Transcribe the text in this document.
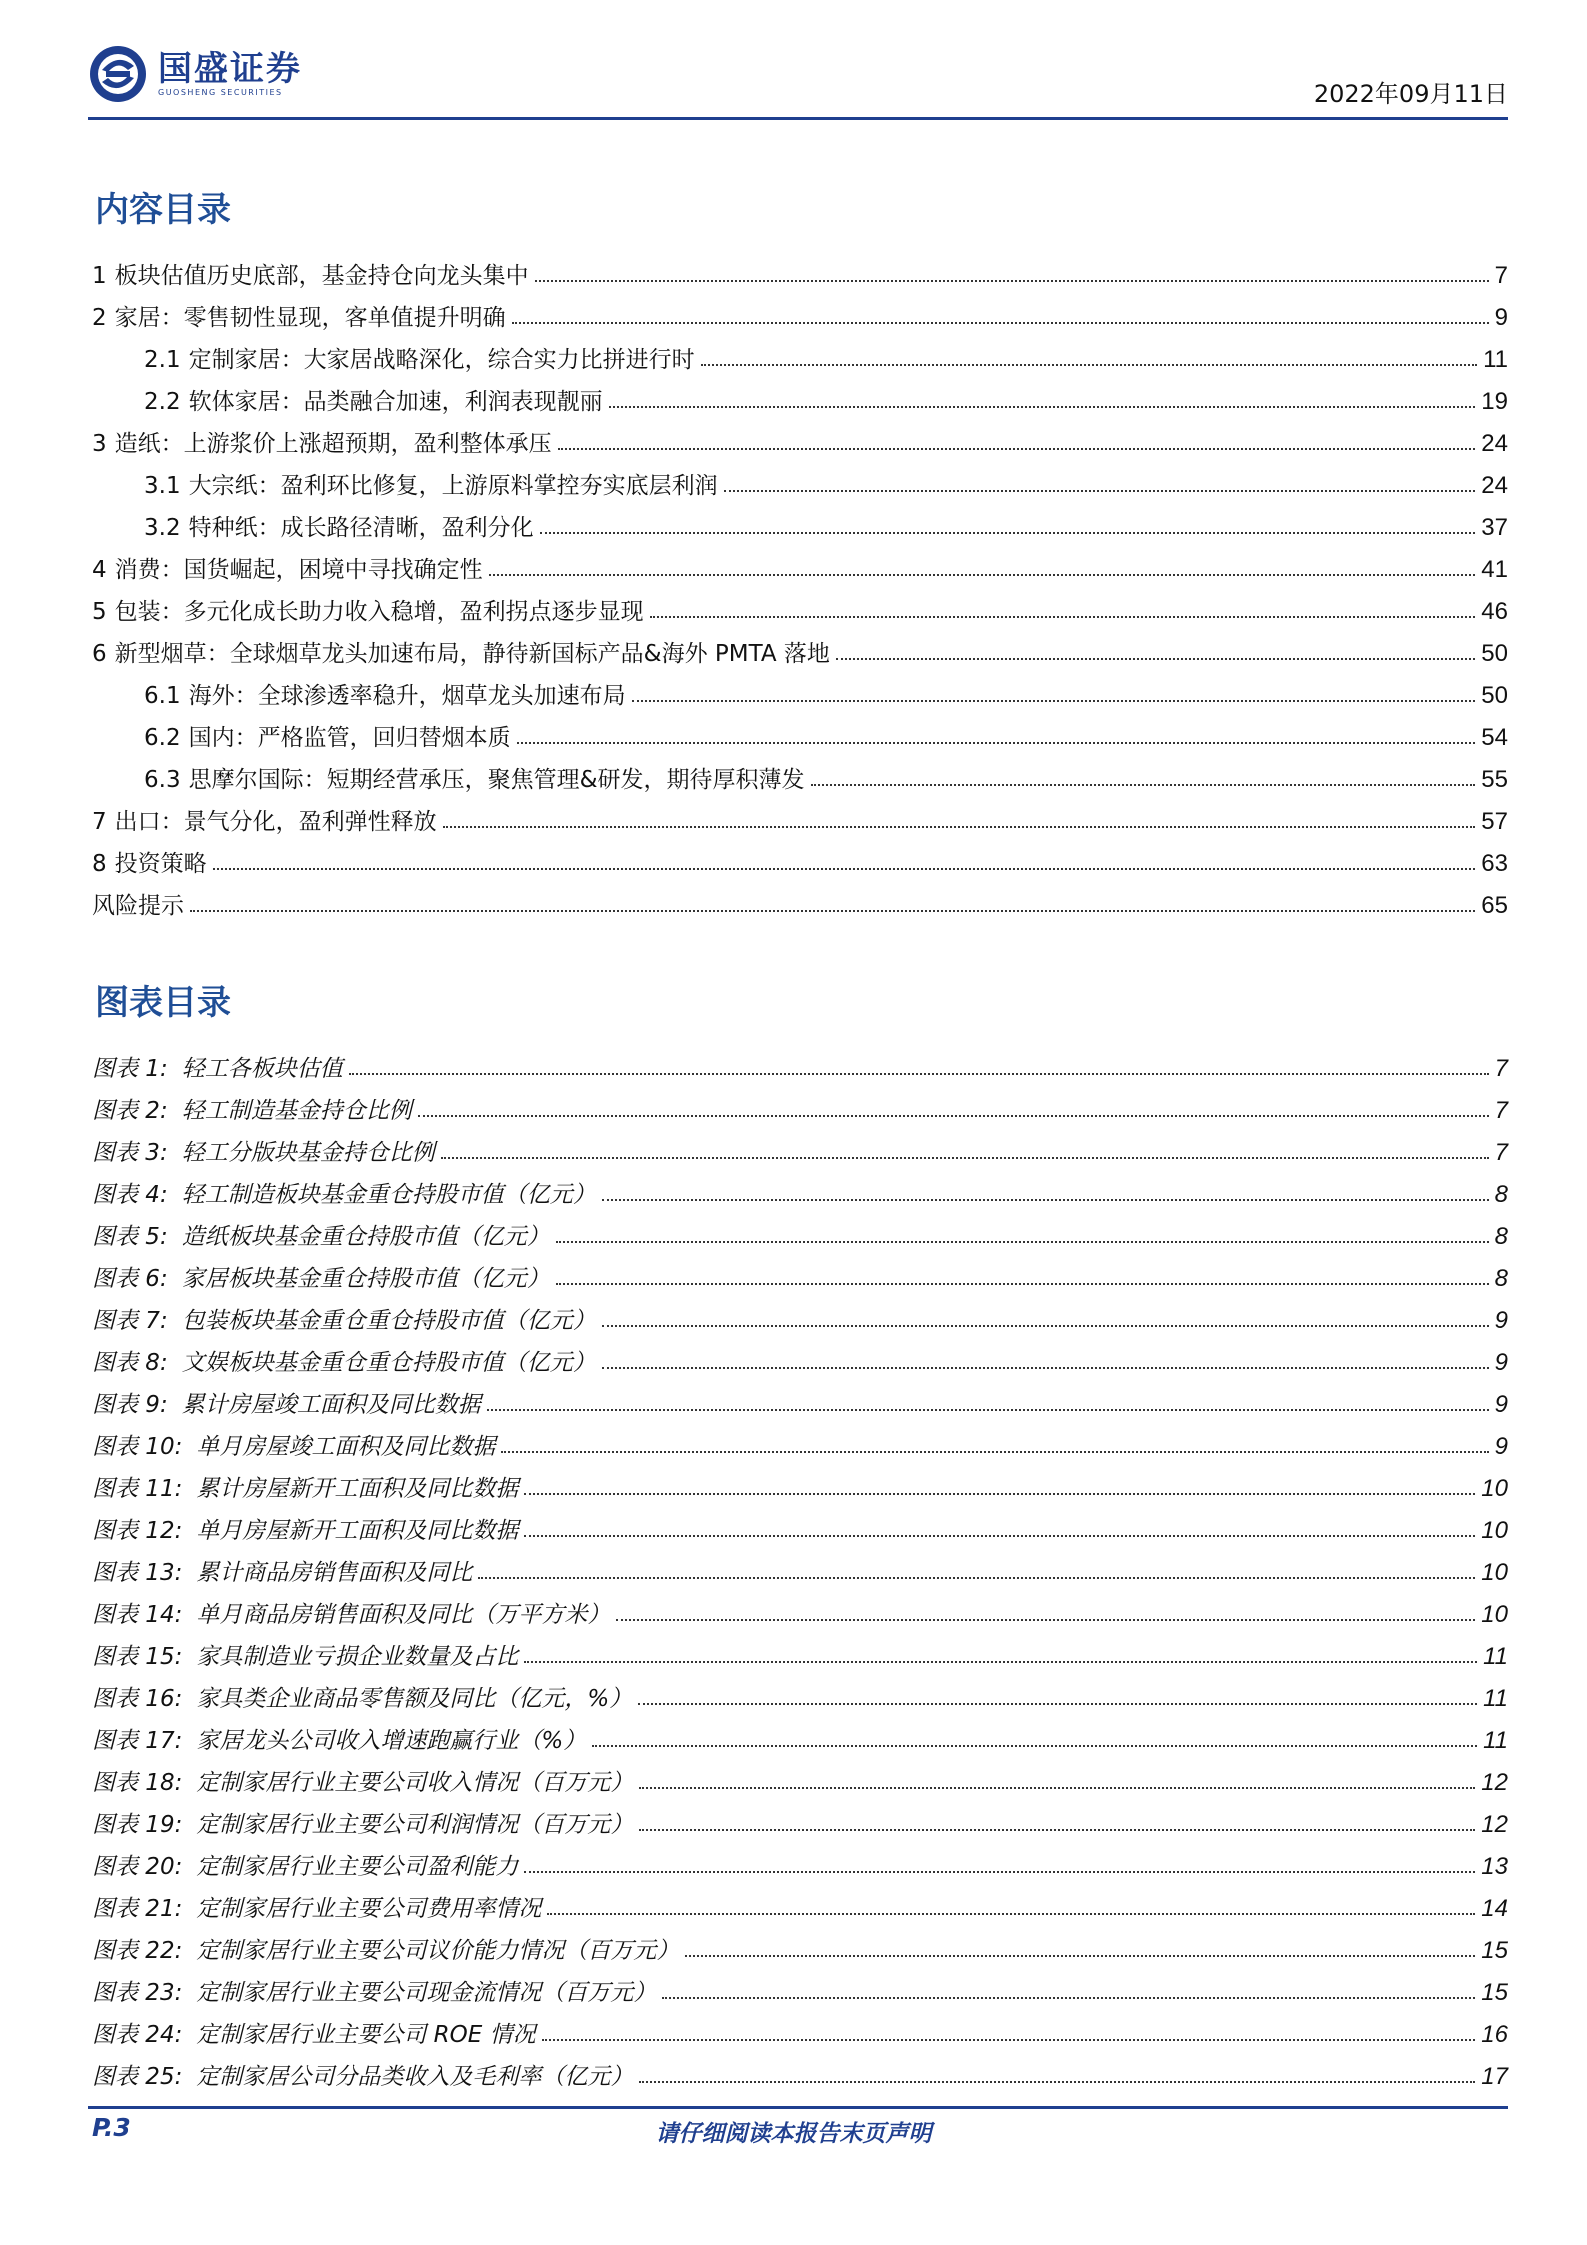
国盛证券
GUOSHENG SECURITIES	2022年09月11日
内容目录
1 板块估值历史底部，基金持仓向龙头集中	7
2 家居：零售韧性显现，客单值提升明确	9
2.1 定制家居：大家居战略深化，综合实力比拼进行时	11
2.2 软体家居：品类融合加速，利润表现靓丽	19
3 造纸：上游浆价上涨超预期，盈利整体承压	24
3.1 大宗纸：盈利环比修复，上游原料掌控夯实底层利润	24
3.2 特种纸：成长路径清晰，盈利分化	37
4 消费：国货崛起，困境中寻找确定性	41
5 包装：多元化成长助力收入稳增，盈利拐点逐步显现	46
6 新型烟草：全球烟草龙头加速布局，静待新国标产品&海外 PMTA 落地	50
6.1 海外：全球渗透率稳升，烟草龙头加速布局	50
6.2 国内：严格监管，回归替烟本质	54
6.3 思摩尔国际：短期经营承压，聚焦管理&研发，期待厚积薄发	55
7 出口：景气分化，盈利弹性释放	57
8 投资策略	63
风险提示	65
图表目录
图表 1: 轻工各板块估值	7
图表 2: 轻工制造基金持仓比例	7
图表 3: 轻工分版块基金持仓比例	7
图表 4: 轻工制造板块基金重仓持股市值（亿元）	8
图表 5: 造纸板块基金重仓持股市值（亿元）	8
图表 6: 家居板块基金重仓持股市值（亿元）	8
图表 7: 包装板块基金重仓重仓持股市值（亿元）	9
图表 8: 文娱板块基金重仓重仓持股市值（亿元）	9
图表 9: 累计房屋竣工面积及同比数据	9
图表 10: 单月房屋竣工面积及同比数据	9
图表 11: 累计房屋新开工面积及同比数据	10
图表 12: 单月房屋新开工面积及同比数据	10
图表 13: 累计商品房销售面积及同比	10
图表 14: 单月商品房销售面积及同比（万平方米）	10
图表 15: 家具制造业亏损企业数量及占比	11
图表 16: 家具类企业商品零售额及同比（亿元，%）	11
图表 17: 家居龙头公司收入增速跑赢行业（%）	11
图表 18: 定制家居行业主要公司收入情况（百万元）	12
图表 19: 定制家居行业主要公司利润情况（百万元）	12
图表 20: 定制家居行业主要公司盈利能力	13
图表 21: 定制家居行业主要公司费用率情况	14
图表 22: 定制家居行业主要公司议价能力情况（百万元）	15
图表 23: 定制家居行业主要公司现金流情况（百万元）	15
图表 24: 定制家居行业主要公司 ROE 情况	16
图表 25: 定制家居公司分品类收入及毛利率（亿元）	17
P.3	请仔细阅读本报告末页声明
